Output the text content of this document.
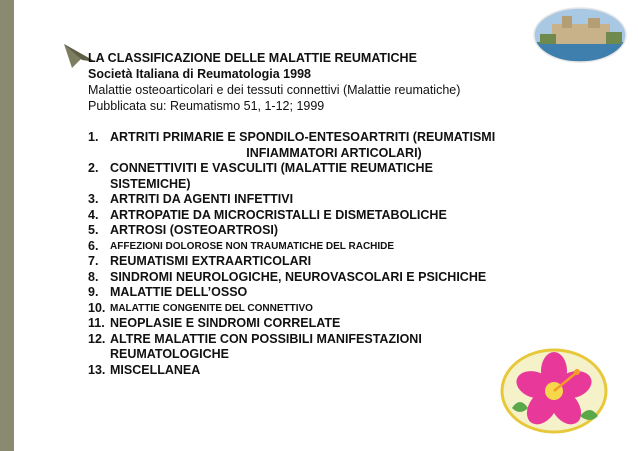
LA CLASSIFICAZIONE DELLE MALATTIE REUMATICHE
Società Italiana di Reumatologia 1998
Malattie osteoarticolari e dei tessuti connettivi (Malattie reumatiche)
Pubblicata su: Reumatismo 51, 1-12; 1999
1. ARTRITI PRIMARIE E SPONDILO-ENTESOARTRITI (REUMATISMI
INFIAMMATORI ARTICOLARI)
2. CONNETTIVITI E VASCULITI (MALATTIE REUMATICHE
SISTEMICHE)
3. ARTRITI DA AGENTI INFETTIVI
4. ARTROPATIE DA MICROCRISTALLI E DISMETABOLICHE
5. ARTROSI (OSTEOARTROSI)
6. AFFEZIONI DOLOROSE NON TRAUMATICHE DEL RACHIDE
7. REUMATISMI EXTRAARTICOLARI
8. SINDROMI NEUROLOGICHE, NEUROVASCOLARI E PSICHICHE
9. MALATTIE DELL’OSSO
10. MALATTIE CONGENITE DEL CONNETTIVO
11. NEOPLASIE E SINDROMI CORRELATE
12. ALTRE MALATTIE CON POSSIBILI MANIFESTAZIONI
REUMATOLOGICHE
13. MISCELLANEA
